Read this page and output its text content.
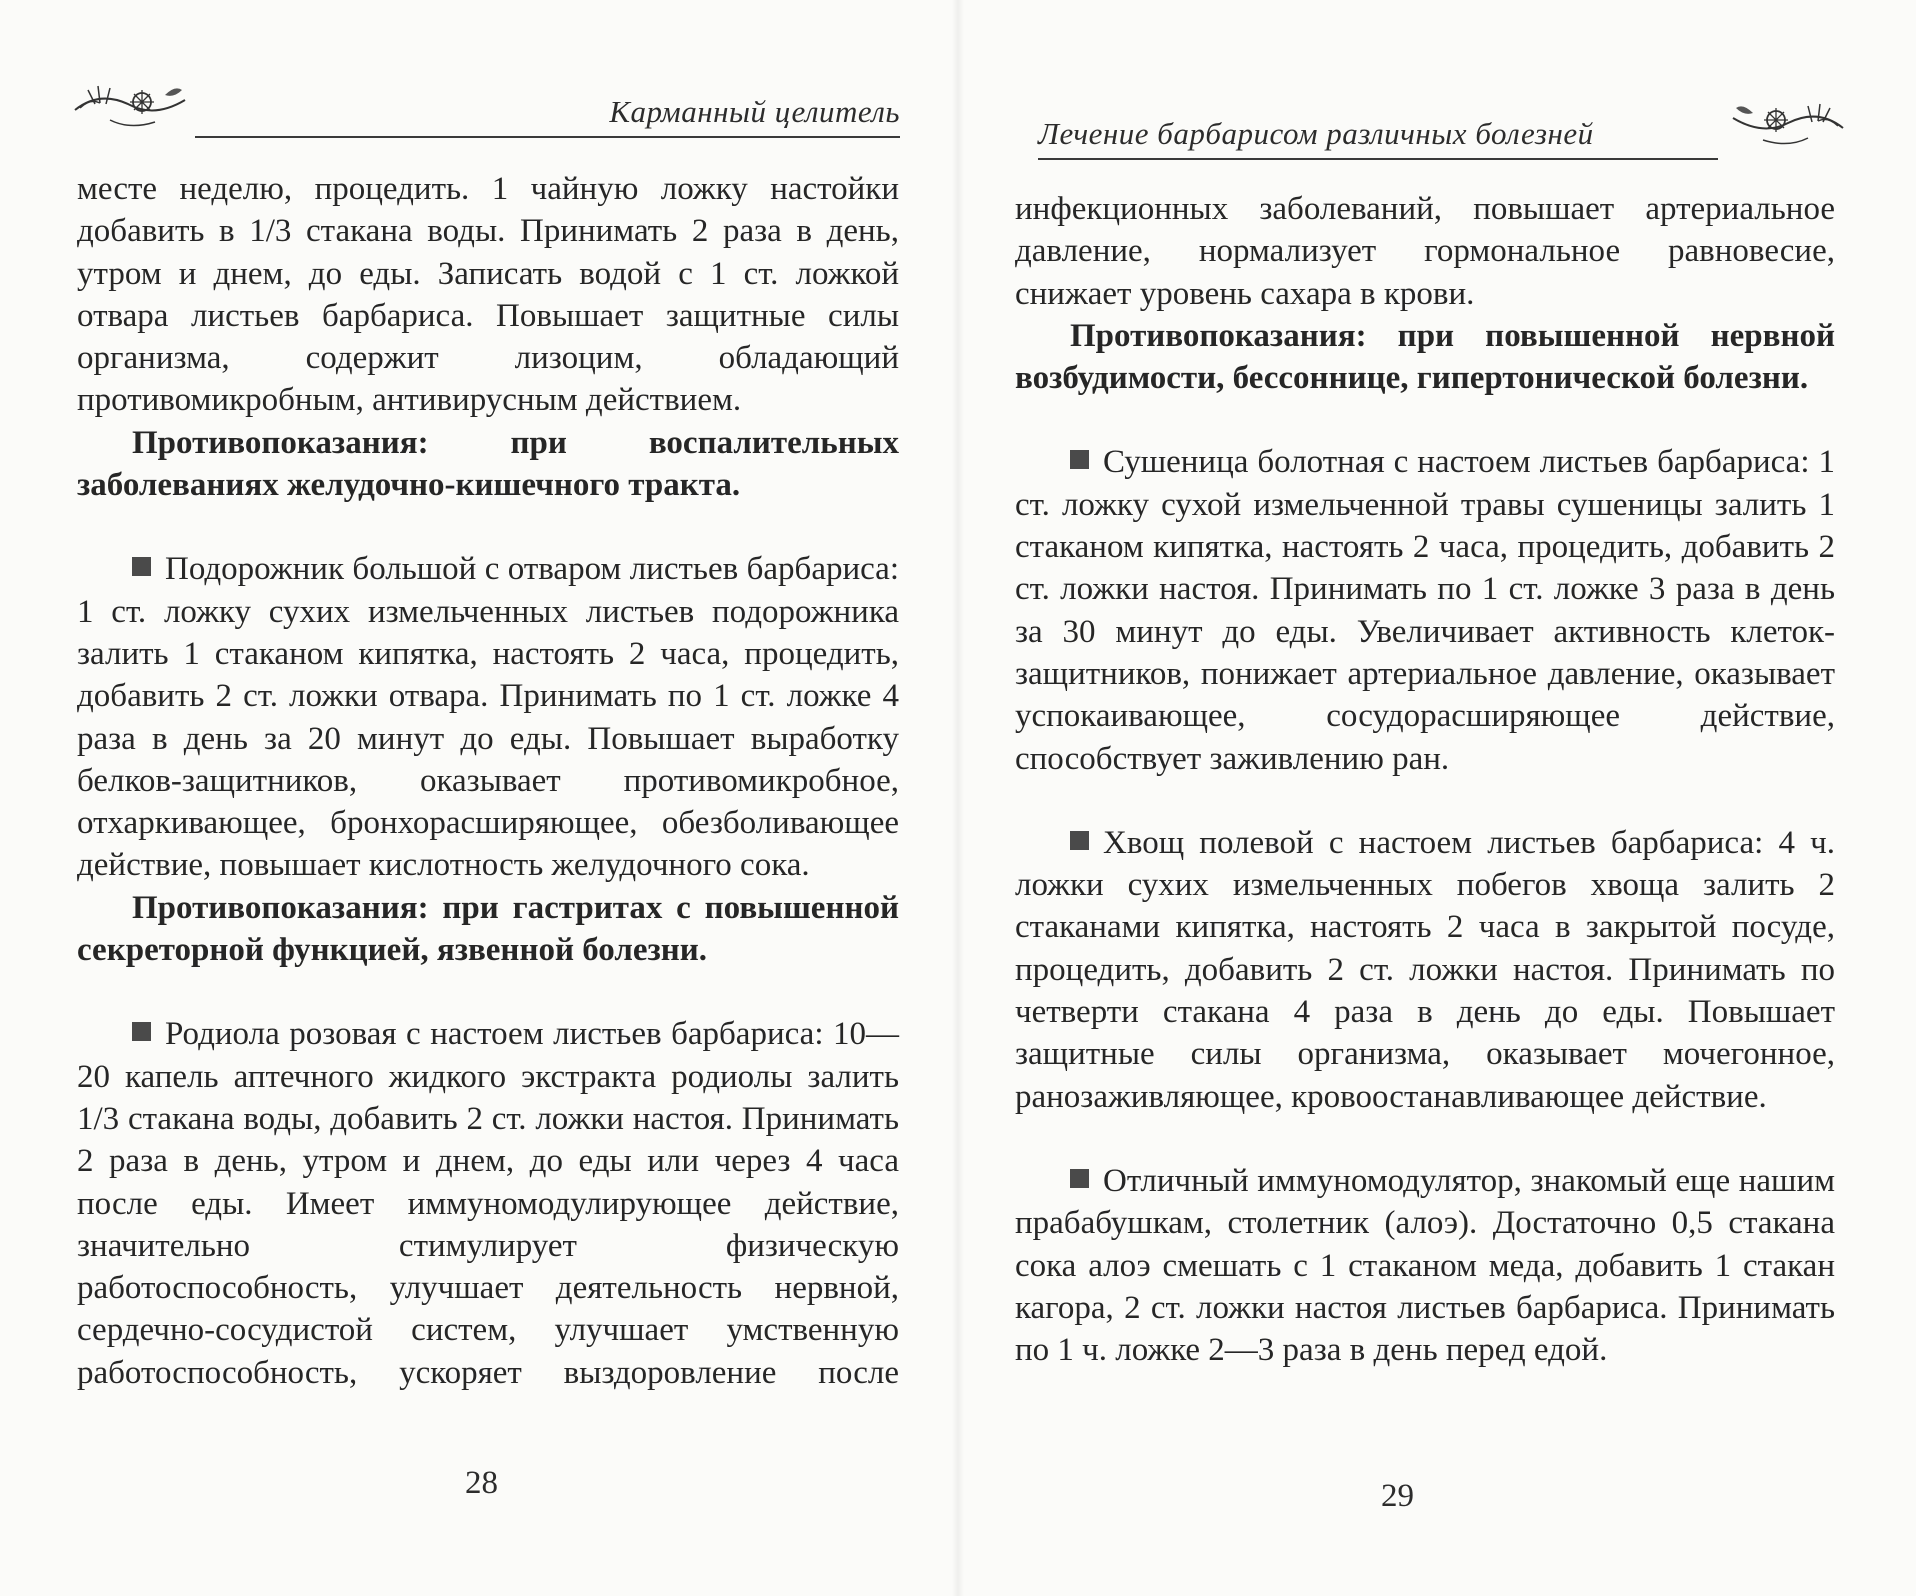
Карманный целитель

месте неделю, процедить. 1 чайную ложку настойки добавить в 1/3 стакана воды. Принимать 2 раза в день, утром и днем, до еды. Записать водой с 1 ст. ложкой отвара листьев барбариса. Повышает защитные силы организма, содержит лизоцим, обладающий противомикробным, антивирусным действием.

Противопоказания: при воспалительных заболеваниях желудочно-кишечного тракта.

Подорожник большой с отваром листьев барбариса: 1 ст. ложку сухих измельченных листьев подорожника залить 1 стаканом кипятка, настоять 2 часа, процедить, добавить 2 ст. ложки отвара. Принимать по 1 ст. ложке 4 раза в день за 20 минут до еды. Повышает выработку белков-защитников, оказывает противомикробное, отхаркивающее, бронхорасширяющее, обезболивающее действие, повышает кислотность желудочного сока.

Противопоказания: при гастритах с повышенной секреторной функцией, язвенной болезни.

Родиола розовая с настоем листьев барбариса: 10—20 капель аптечного жидкого экстракта родиолы залить 1/3 стакана воды, добавить 2 ст. ложки настоя. Принимать 2 раза в день, утром и днем, до еды или через 4 часа после еды. Имеет иммуномодулирующее действие, значительно стимулирует физическую работоспособность, улучшает деятельность нервной, сердечно-сосудистой систем, улучшает умственную работоспособность, ускоряет выздоровление после

28
Лечение барбарисом различных болезней

инфекционных заболеваний, повышает артериальное давление, нормализует гормональное равновесие, снижает уровень сахара в крови.

Противопоказания: при повышенной нервной возбудимости, бессоннице, гипертонической болезни.

Сушеница болотная с настоем листьев барбариса: 1 ст. ложку сухой измельченной травы сушеницы залить 1 стаканом кипятка, настоять 2 часа, процедить, добавить 2 ст. ложки настоя. Принимать по 1 ст. ложке 3 раза в день за 30 минут до еды. Увеличивает активность клеток-защитников, понижает артериальное давление, оказывает успокаивающее, сосудорасширяющее действие, способствует заживлению ран.

Хвощ полевой с настоем листьев барбариса: 4 ч. ложки сухих измельченных побегов хвоща залить 2 стаканами кипятка, настоять 2 часа в закрытой посуде, процедить, добавить 2 ст. ложки настоя. Принимать по четверти стакана 4 раза в день до еды. Повышает защитные силы организма, оказывает мочегонное, ранозаживляющее, кровоостанавливающее действие.

Отличный иммуномодулятор, знакомый еще нашим прабабушкам, столетник (алоэ). Достаточно 0,5 стакана сока алоэ смешать с 1 стаканом меда, добавить 1 стакан кагора, 2 ст. ложки настоя листьев барбариса. Принимать по 1 ч. ложке 2—3 раза в день перед едой.

29
